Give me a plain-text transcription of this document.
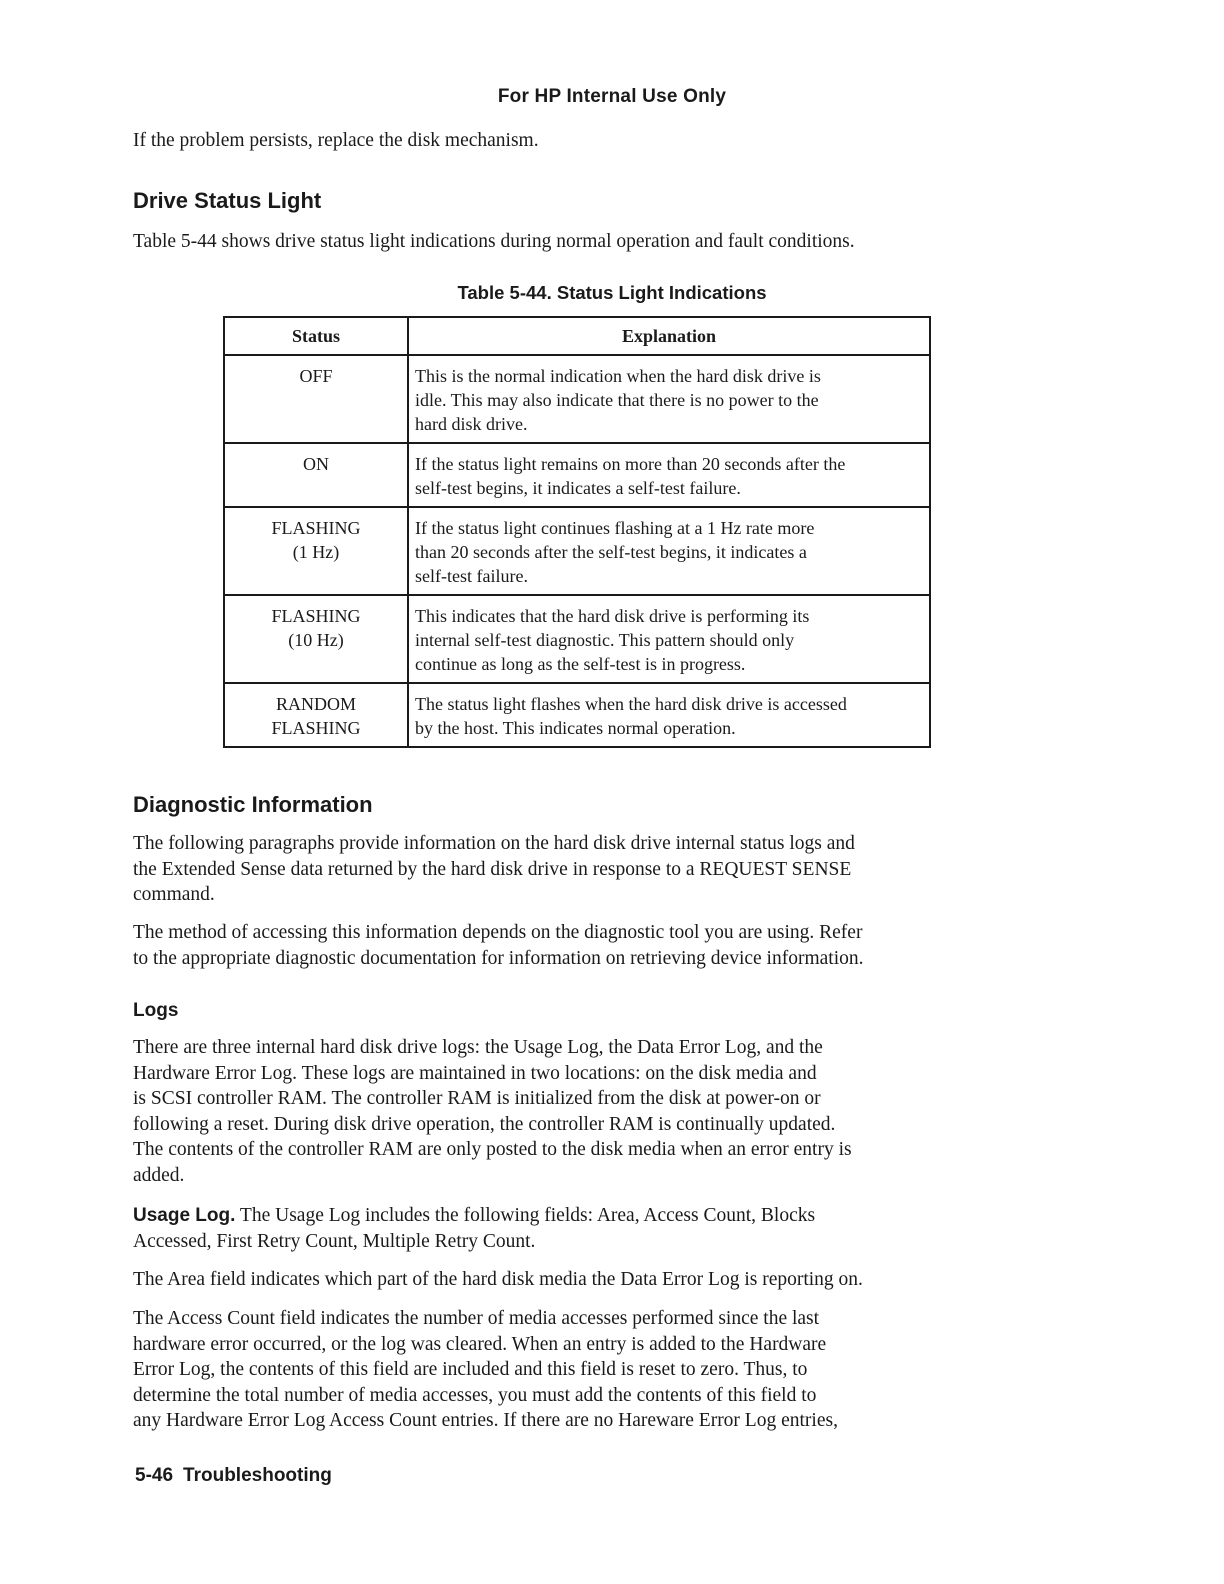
For HP Internal Use Only

If the problem persists, replace the disk mechanism.

Drive Status Light

Table 5-44 shows drive status light indications during normal operation and fault conditions.

Table 5-44. Status Light Indications
Status	Explanation

OFF	This is the normal indication when the hard disk drive is
idle. This may also indicate that there is no power to the
hard disk drive.

ON	If the status light remains on more than 20 seconds after the
self-test begins, it indicates a self-test failure.

FLASHING
(1 Hz)	If the status light continues flashing at a 1 Hz rate more
than 20 seconds after the self-test begins, it indicates a
self-test failure.

FLASHING
(10 Hz)	This indicates that the hard disk drive is performing its
internal self-test diagnostic. This pattern should only
continue as long as the self-test is in progress.

RANDOM
FLASHING	The status light flashes when the hard disk drive is accessed
by the host. This indicates normal operation.
Diagnostic Information

The following paragraphs provide information on the hard disk drive internal status logs and
the Extended Sense data returned by the hard disk drive in response to a REQUEST SENSE
command.

The method of accessing this information depends on the diagnostic tool you are using. Refer
to the appropriate diagnostic documentation for information on retrieving device information.

Logs

There are three internal hard disk drive logs: the Usage Log, the Data Error Log, and the
Hardware Error Log. These logs are maintained in two locations: on the disk media and
is SCSI controller RAM. The controller RAM is initialized from the disk at power-on or
following a reset. During disk drive operation, the controller RAM is continually updated.
The contents of the controller RAM are only posted to the disk media when an error entry is
added.

Usage Log. The Usage Log includes the following fields: Area, Access Count, Blocks
Accessed, First Retry Count, Multiple Retry Count.

The Area field indicates which part of the hard disk media the Data Error Log is reporting on.

The Access Count field indicates the number of media accesses performed since the last
hardware error occurred, or the log was cleared. When an entry is added to the Hardware
Error Log, the contents of this field are included and this field is reset to zero. Thus, to
determine the total number of media accesses, you must add the contents of this field to
any Hardware Error Log Access Count entries. If there are no Hareware Error Log entries,

5-46 Troubleshooting
